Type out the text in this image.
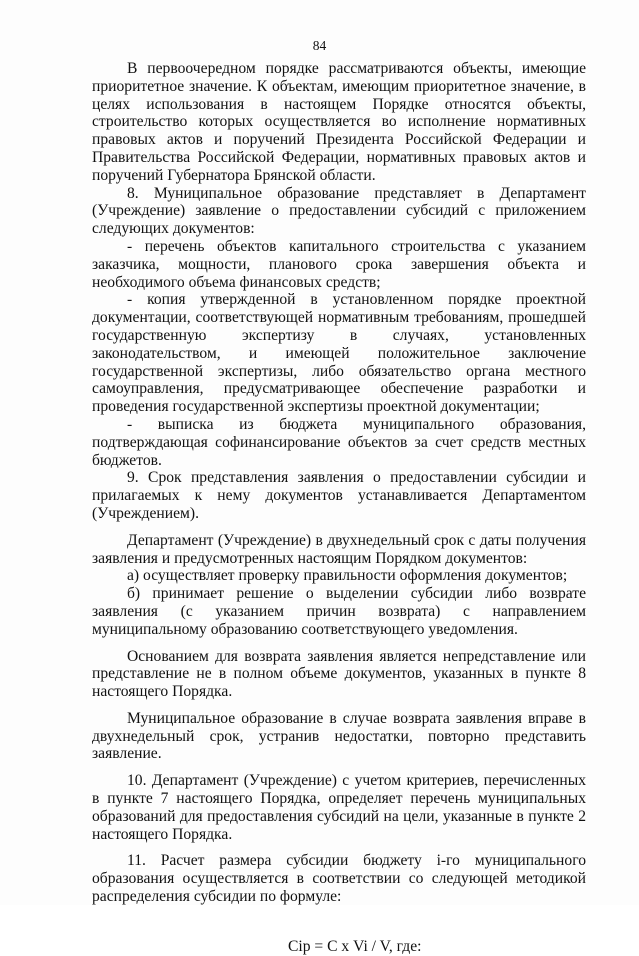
84

В первоочередном порядке рассматриваются объекты, имеющие приоритетное значение. К объектам, имеющим приоритетное значение, в целях использования в настоящем Порядке относятся объекты, строительство которых осуществляется во исполнение нормативных правовых актов и поручений Президента Российской Федерации и Правительства Российской Федерации, нормативных правовых актов и поручений Губернатора Брянской области.

8. Муниципальное образование представляет в Департамент (Учреждение) заявление о предоставлении субсидий с приложением следующих документов:

- перечень объектов капитального строительства с указанием заказчика, мощности, планового срока завершения объекта и необходимого объема финансовых средств;

- копия утвержденной в установленном порядке проектной документации, соответствующей нормативным требованиям, прошедшей государственную экспертизу в случаях, установленных законодательством, и имеющей положительное заключение государственной экспертизы, либо обязательство органа местного самоуправления, предусматривающее обеспечение разработки и проведения государственной экспертизы проектной документации;

- выписка из бюджета муниципального образования, подтверждающая софинансирование объектов за счет средств местных бюджетов.

9. Срок представления заявления о предоставлении субсидии и прилагаемых к нему документов устанавливается Департаментом (Учреждением).

Департамент (Учреждение) в двухнедельный срок с даты получения заявления и предусмотренных настоящим Порядком документов:

а) осуществляет проверку правильности оформления документов;

б) принимает решение о выделении субсидии либо возврате заявления (с указанием причин возврата) с направлением муниципальному образованию соответствующего уведомления.

Основанием для возврата заявления является непредставление или представление не в полном объеме документов, указанных в пункте 8 настоящего Порядка.

Муниципальное образование в случае возврата заявления вправе в двухнедельный срок, устранив недостатки, повторно представить заявление.

10. Департамент (Учреждение) с учетом критериев, перечисленных в пункте 7 настоящего Порядка, определяет перечень муниципальных образований для предоставления субсидий на цели, указанные в пункте 2 настоящего Порядка.

11. Расчет размера субсидии бюджету i-го муниципального образования осуществляется в соответствии со следующей методикой распределения субсидии по формуле:

Ciр = С х Vi / V, где:
